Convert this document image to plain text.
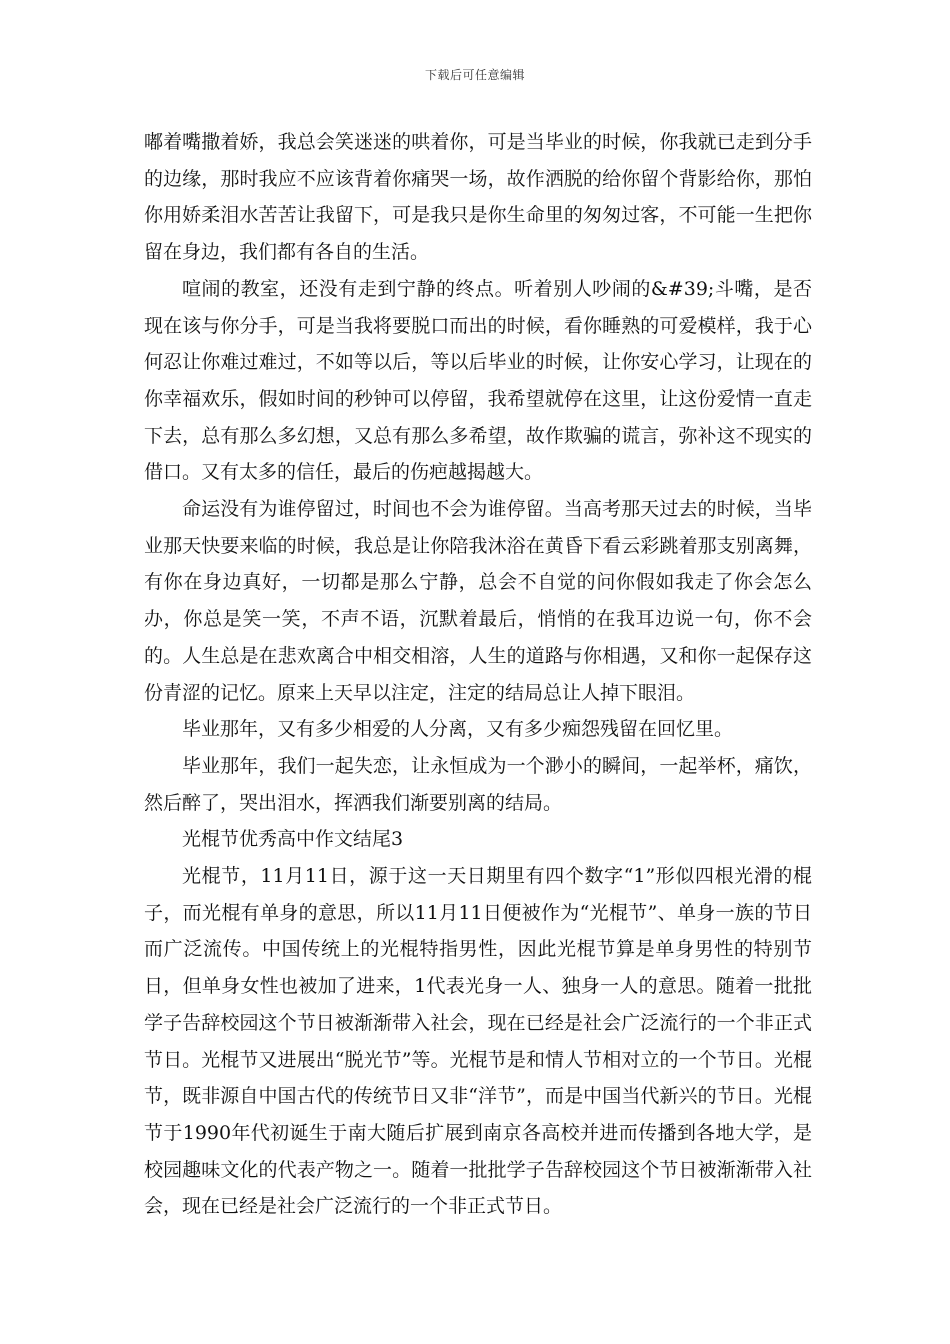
下载后可任意编辑

嘟着嘴撒着娇，我总会笑迷迷的哄着你，可是当毕业的时候，你我就已走到分手的边缘，那时我应不应该背着你痛哭一场，故作洒脱的给你留个背影给你，那怕你用娇柔泪水苦苦让我留下，可是我只是你生命里的匆匆过客，不可能一生把你留在身边，我们都有各自的生活。

喧闹的教室，还没有走到宁静的终点。听着别人吵闹的&#39;斗嘴，是否现在该与你分手，可是当我将要脱口而出的时候，看你睡熟的可爱模样，我于心何忍让你难过难过，不如等以后，等以后毕业的时候，让你安心学习，让现在的你幸福欢乐，假如时间的秒钟可以停留，我希望就停在这里，让这份爱情一直走下去，总有那么多幻想，又总有那么多希望，故作欺骗的谎言，弥补这不现实的借口。又有太多的信任，最后的伤疤越揭越大。

命运没有为谁停留过，时间也不会为谁停留。当高考那天过去的时候，当毕业那天快要来临的时候，我总是让你陪我沐浴在黄昏下看云彩跳着那支别离舞，有你在身边真好，一切都是那么宁静，总会不自觉的问你假如我走了你会怎么办，你总是笑一笑，不声不语，沉默着最后，悄悄的在我耳边说一句，你不会的。人生总是在悲欢离合中相交相溶，人生的道路与你相遇，又和你一起保存这份青涩的记忆。原来上天早以注定，注定的结局总让人掉下眼泪。

毕业那年，又有多少相爱的人分离，又有多少痴怨残留在回忆里。

毕业那年，我们一起失恋，让永恒成为一个渺小的瞬间，一起举杯，痛饮，然后醉了，哭出泪水，挥洒我们渐要别离的结局。

光棍节优秀高中作文结尾3

光棍节，11月11日，源于这一天日期里有四个数字“1”形似四根光滑的棍子，而光棍有单身的意思，所以11月11日便被作为“光棍节”、单身一族的节日而广泛流传。中国传统上的光棍特指男性，因此光棍节算是单身男性的特别节日，但单身女性也被加了进来，1代表光身一人、独身一人的意思。随着一批批学子告辞校园这个节日被渐渐带入社会，现在已经是社会广泛流行的一个非正式节日。光棍节又进展出“脱光节”等。光棍节是和情人节相对立的一个节日。光棍节，既非源自中国古代的传统节日又非“洋节”，而是中国当代新兴的节日。光棍节于1990年代初诞生于南大随后扩展到南京各高校并进而传播到各地大学，是校园趣味文化的代表产物之一。随着一批批学子告辞校园这个节日被渐渐带入社会，现在已经是社会广泛流行的一个非正式节日。
